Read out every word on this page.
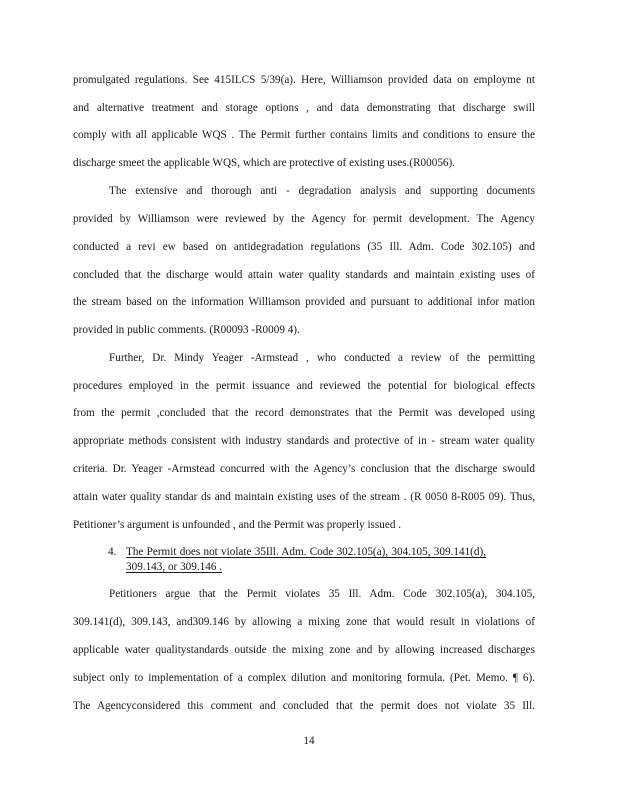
promulgated regulations. See 415ILCS 5/39(a). Here, Williamson provided data on employme nt
and alternative treatment and storage options , and data demonstrating that discharge swill
comply with all applicable WQS . The Permit further contains limits and conditions to ensure the
discharge smeet the applicable WQS, which are protective of existing uses.(R00056).
The extensive and thorough anti - degradation analysis and supporting documents
provided by Williamson were reviewed by the Agency for permit development. The Agency
conducted a revi ew based on antidegradation regulations (35 Ill. Adm. Code 302.105) and
concluded that the discharge would attain water quality standards and maintain existing uses of
the stream based on the information Williamson provided and pursuant to additional infor mation
provided in public comments. (R00093 -R0009 4).
Further, Dr. Mindy Yeager -Armstead , who conducted a review of the permitting
procedures employed in the permit issuance and reviewed the potential for biological effects
from the permit ,concluded that the record demonstrates that the Permit was developed using
appropriate methods consistent with industry standards and protective of in - stream water quality
criteria. Dr. Yeager -Armstead concurred with the Agency’s conclusion that the discharge swould
attain water quality standar ds and maintain existing uses of the stream . (R 0050 8-R005 09). Thus,
Petitioner’s argument is unfounded , and the Permit was properly issued .
4. The Permit does not violate 35Ill. Adm. Code 302.105(a), 304.105, 309.141(d),
309.143, or 309.146 .
Petitioners argue that the Permit violates 35 Ill. Adm. Code 302.105(a), 304.105,
309.141(d), 309.143, and309.146 by allowing a mixing zone that would result in violations of
applicable water qualitystandards outside the mixing zone and by allowing increased discharges
subject only to implementation of a complex dilution and monitoring formula. (Pet. Memo. ¶ 6).
The Agencyconsidered this comment and concluded that the permit does not violate 35 Ill.
14
